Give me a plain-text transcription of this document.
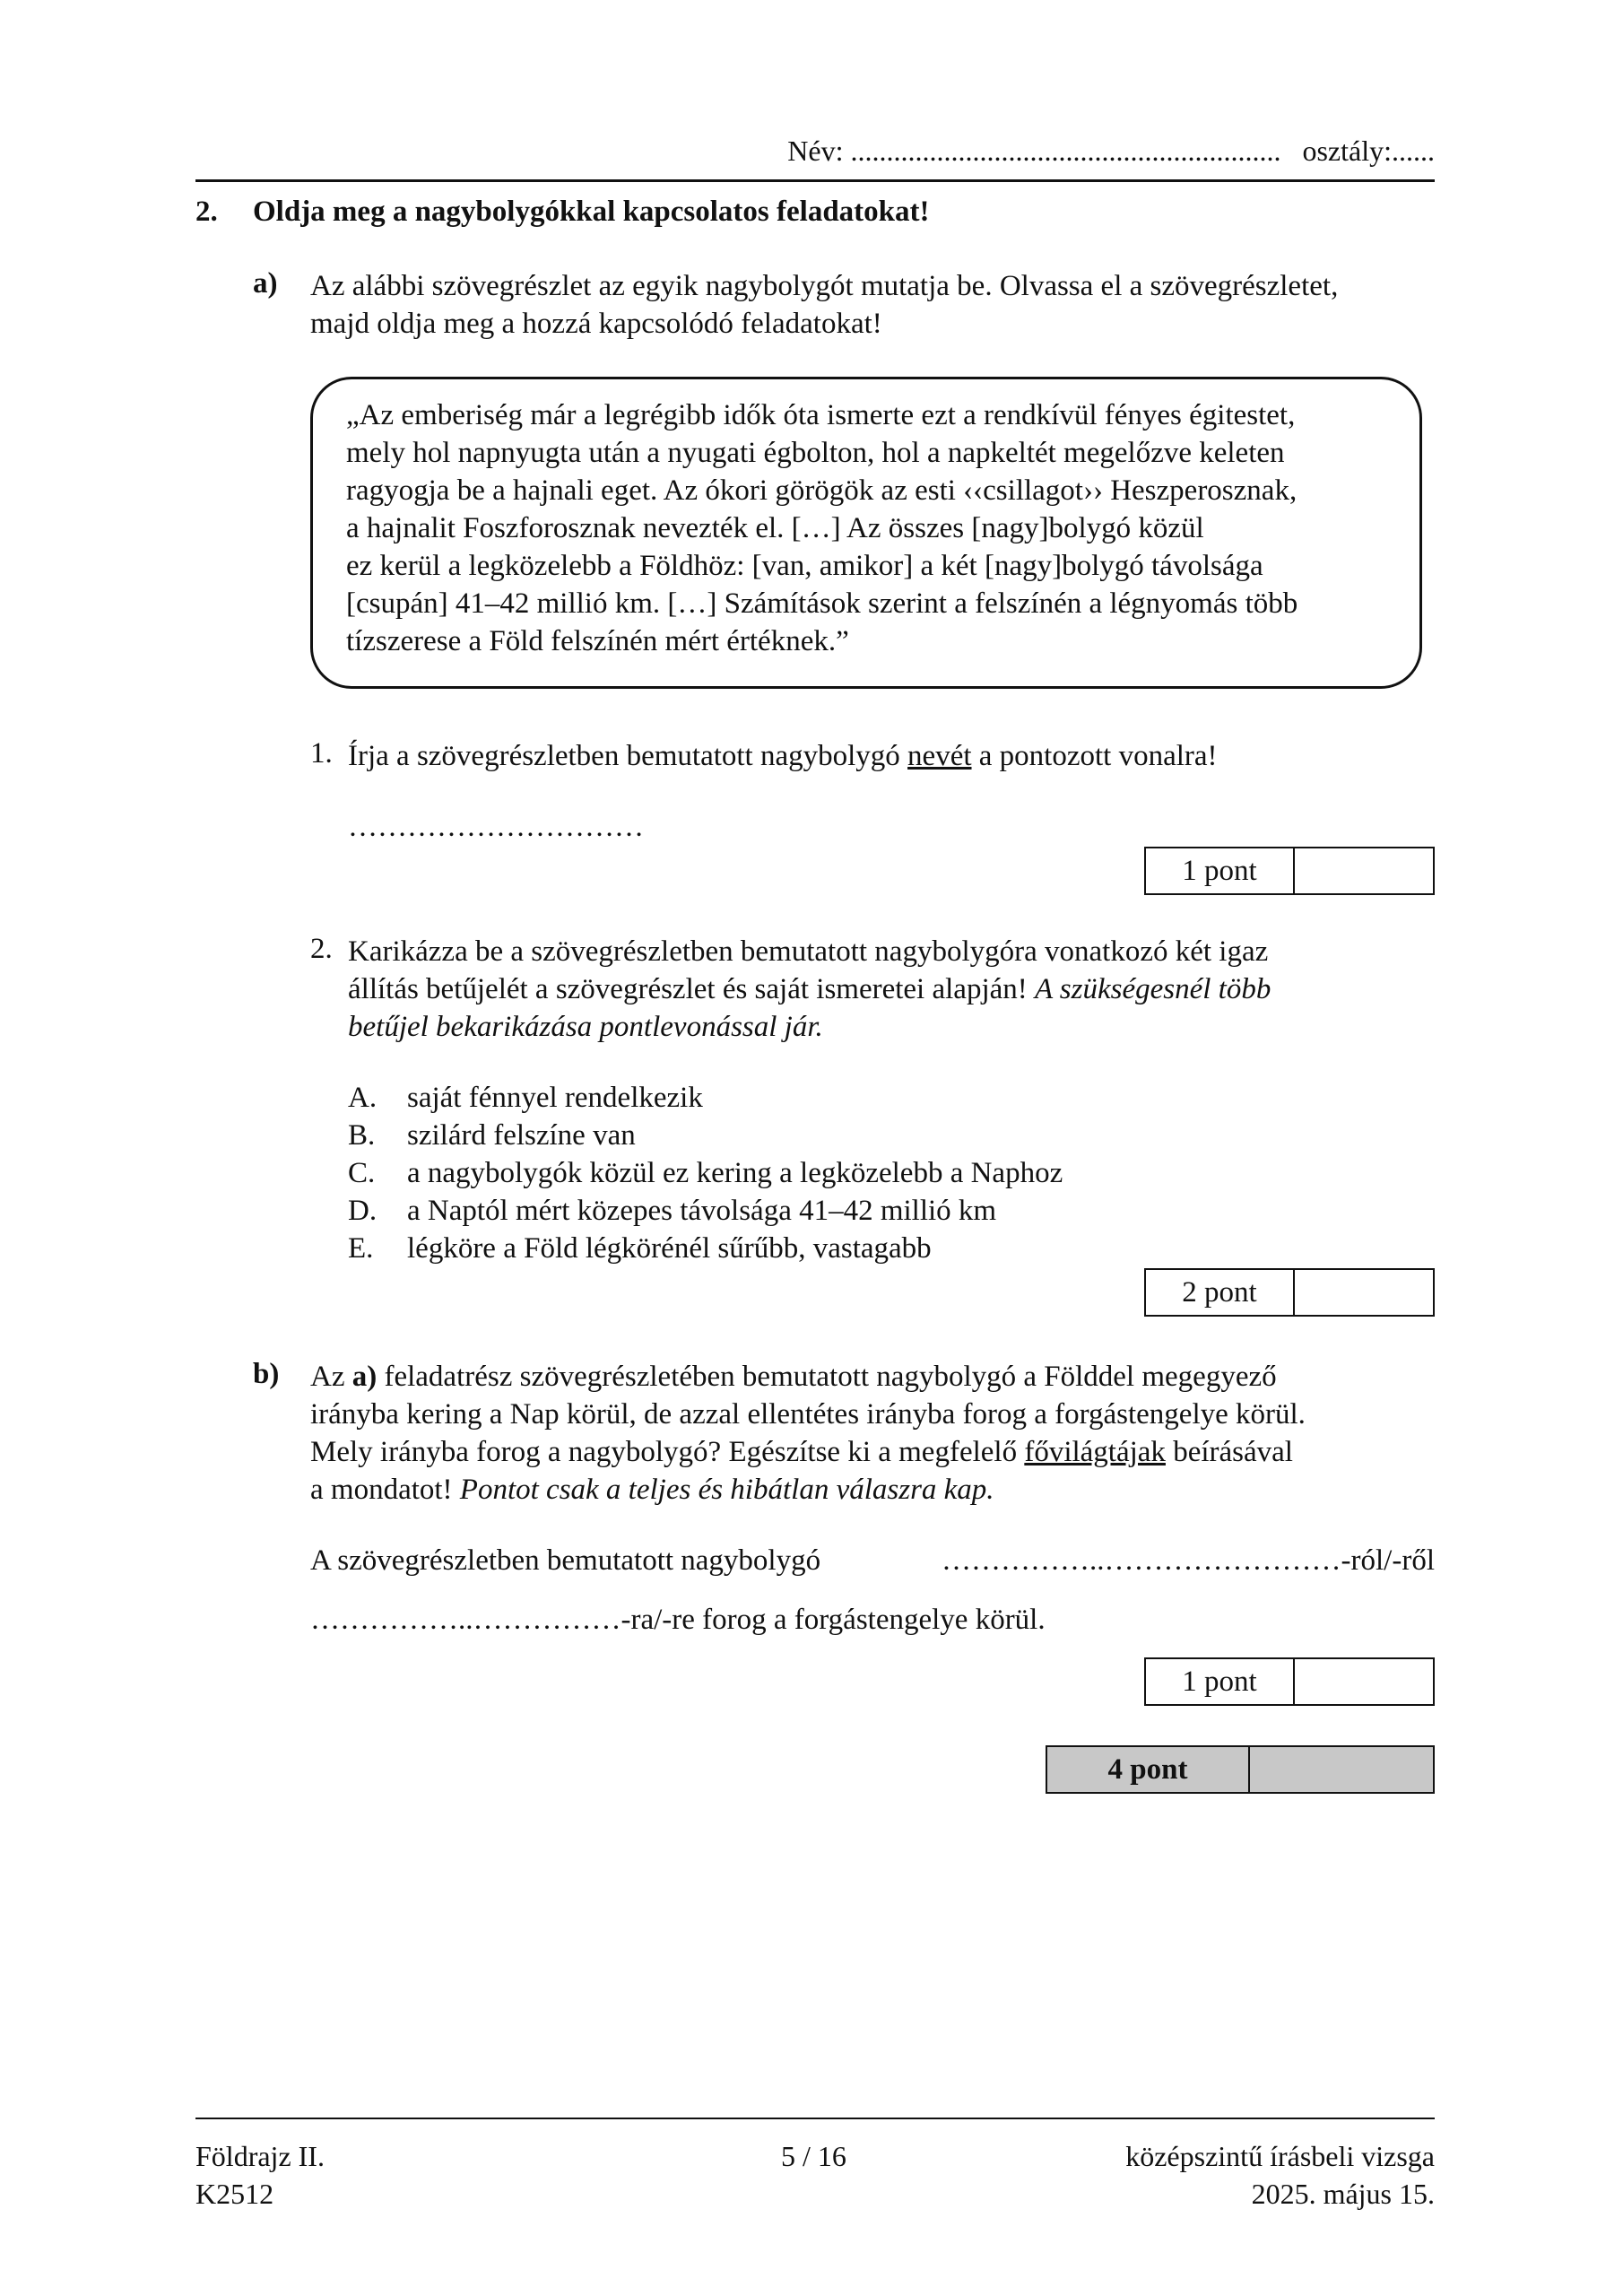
Név: ............................................................ osztály:......
2. Oldja meg a nagybolygókkal kapcsolatos feladatokat!
a) Az alábbi szövegrészlet az egyik nagybolygót mutatja be. Olvassa el a szövegrészletet,
majd oldja meg a hozzá kapcsolódó feladatokat!
„Az emberiség már a legrégibb idők óta ismerte ezt a rendkívül fényes égitestet,
mely hol napnyugta után a nyugati égbolton, hol a napkeltét megelőzve keleten
ragyogja be a hajnali eget. Az ókori görögök az esti ‹‹csillagot›› Heszperosznak,
a hajnalit Foszforosznak nevezték el. […] Az összes [nagy]bolygó közül
ez kerül a legközelebb a Földhöz: [van, amikor] a két [nagy]bolygó távolsága
[csupán] 41–42 millió km. […] Számítások szerint a felszínén a légnyomás több
tízszerese a Föld felszínén mért értéknek.”
1. Írja a szövegrészletben bemutatott nagybolygó nevét a pontozott vonalra!
…………………………
1 pont
2. Karikázza be a szövegrészletben bemutatott nagybolygóra vonatkozó két igaz
állítás betűjelét a szövegrészlet és saját ismeretei alapján! A szükségesnél több
betűjel bekarikázása pontlevonással jár.
A. saját fénnyel rendelkezik
B. szilárd felszíne van
C. a nagybolygók közül ez kering a legközelebb a Naphoz
D. a Naptól mért közepes távolsága 41–42 millió km
E. légköre a Föld légkörénél sűrűbb, vastagabb
2 pont
b) Az a) feladatrész szövegrészletében bemutatott nagybolygó a Földdel megegyező
irányba kering a Nap körül, de azzal ellentétes irányba forog a forgástengelye körül.
Mely irányba forog a nagybolygó? Egészítse ki a megfelelő fővilágtájak beírásával
a mondatot! Pontot csak a teljes és hibátlan válaszra kap.
A szövegrészletben bemutatott nagybolygó	……………..……………………-ról/-ről
……………..……………-ra/-re forog a forgástengelye körül.
1 pont
4 pont
Földrajz II.
K2512
5 / 16	középszintű írásbeli vizsga
2025. május 15.
